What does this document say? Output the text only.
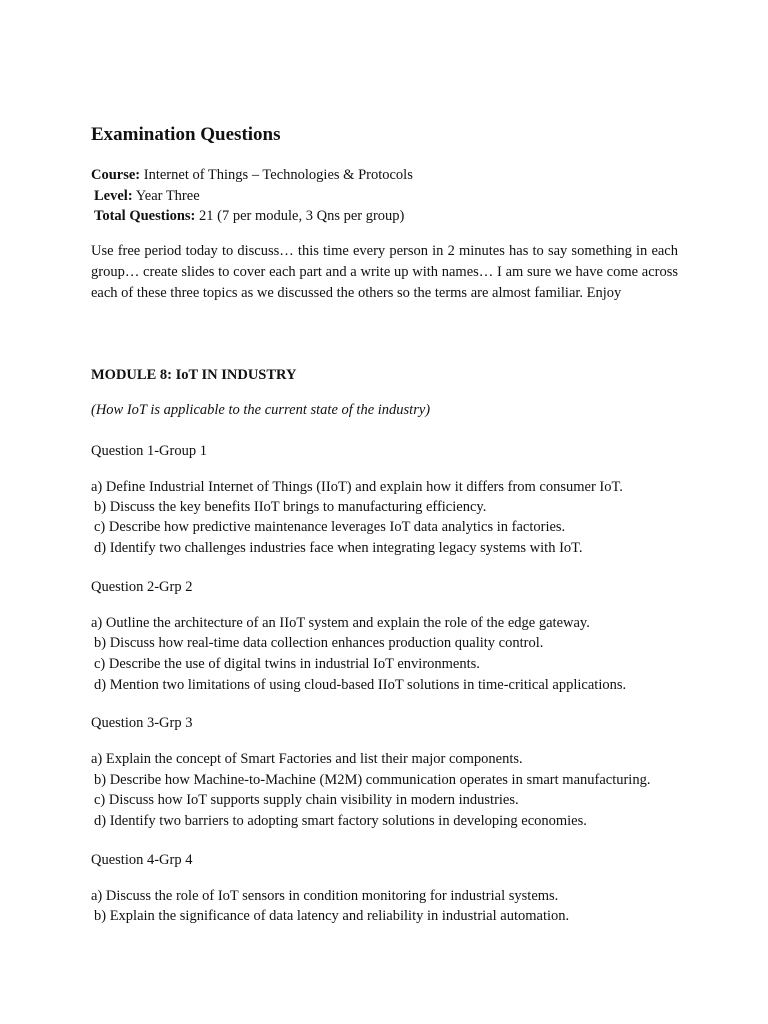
Examination Questions
Course: Internet of Things – Technologies & Protocols
Level: Year Three
Total Questions: 21 (7 per module, 3 Qns per group)

Use free period today to discuss… this time every person in 2 minutes has to say something in each group… create slides to cover each part and a write up with names… I am sure we have come across each of these three topics as we discussed the others so the terms are almost familiar. Enjoy

MODULE 8: IoT IN INDUSTRY
(How IoT is applicable to the current state of the industry)
Question 1-Group 1
a) Define Industrial Internet of Things (IIoT) and explain how it differs from consumer IoT.
b) Discuss the key benefits IIoT brings to manufacturing efficiency.
c) Describe how predictive maintenance leverages IoT data analytics in factories.
d) Identify two challenges industries face when integrating legacy systems with IoT.
Question 2-Grp 2
a) Outline the architecture of an IIoT system and explain the role of the edge gateway.
b) Discuss how real-time data collection enhances production quality control.
c) Describe the use of digital twins in industrial IoT environments.
d) Mention two limitations of using cloud-based IIoT solutions in time-critical applications.
Question 3-Grp 3
a) Explain the concept of Smart Factories and list their major components.
b) Describe how Machine-to-Machine (M2M) communication operates in smart manufacturing.
c) Discuss how IoT supports supply chain visibility in modern industries.
d) Identify two barriers to adopting smart factory solutions in developing economies.
Question 4-Grp 4
a) Discuss the role of IoT sensors in condition monitoring for industrial systems.
b) Explain the significance of data latency and reliability in industrial automation.
